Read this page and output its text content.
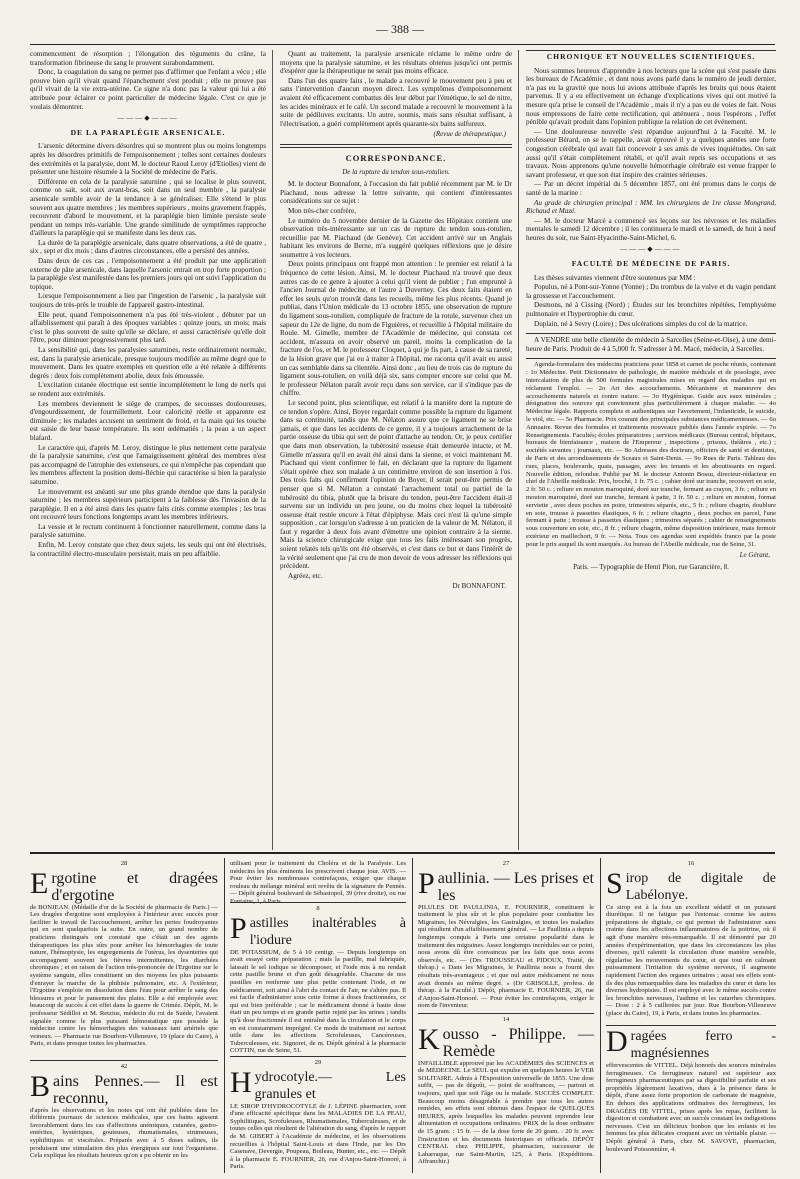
— 388 —

commencement de résorption ; l'élongation des téguments du crâne, la transformation fibrineuse du sang le prouvent surabondamment.

Donc, la coagulation du sang ne permet pas d'affirmer que l'enfant a vécu ; elle prouve bien qu'il vivait quand l'épanchement s'est produit ; elle ne prouve pas qu'il vivait de la vie extra-utérine. Ce signe n'a donc pas la valeur qui lui a été attribuée pour éclairer ce point particulier de médecine légale. C'est ce que je voulais démontrer.

———◆———
DE LA PARAPLÉGIE ARSENICALE.

L'arsenic détermine divers désordres qui se montrent plus ou moins longtemps après les désordres primitifs de l'empoisonnement ; telles sont certaines douleurs des extrémités et la paralysie, dont M. le docteur Raoul Leroy (d'Etiolles) vient de présenter une histoire résumée à la Société de médecine de Paris.

Différente en cela de la paralysie saturnine , qui se localise le plus souvent, comme on sait, soit aux avant-bras, soit dans un seul membre , la paralysie arsenicale semble avoir de la tendance à se généraliser. Elle s'étend le plus souvent aux quatre membres ; les membres supérieurs , moins gravement frappés, recouvrent d'abord le mouvement, et la paraplégie bien limitée persiste seule pendant un temps très-variable. Une grande similitude de symptômes rapproche d'ailleurs la paraplégie qui se manifeste dans les deux cas.

La durée de la paraplégie arsenicale, dans quatre observations, a été de quatre , six , sept et dix mois ; dans d'autres circonstances, elle a persisté des années.

Dans deux de ces cas , l'empoisonnement a été produit par une application externe de pâte arsenicale, dans laquelle l'arsenic entrait en trop forte proportion ; la paraplégie s'est manifestée dans les premiers jours qui ont suivi l'application du topique.

Lorsque l'empoisonnement a lieu par l'ingestion de l'arsenic , la paralysie suit toujours de très-près le trouble de l'appareil gastro-intestinal.

Elle peut, quand l'empoisonnement n'a pas été très-violent , débuter par un affaiblissement qui paraît à des époques variables : quinze jours, un mois; mais c'est le plus souvent de suite qu'elle se déclare, et aussi caractérisée qu'elle doit l'être, pour diminuer progressivement plus tard.

La sensibilité qui, dans les paralysies saturnines, reste ordinairement normale, est, dans la paralysie arsenicale, presque toujours modifiée au même degré que le mouvement. Dans les quatre exemples en question elle a été relatée à différents degrés : deux fois complètement abolie, deux fois émoussée.

L'excitation cutanée électrique est sentie incomplètement le long de nerfs qui se rendent aux extrémités.

Les membres deviennent le siége de crampes, de secousses douloureuses, d'engourdissement, de fourmillement. Leur caloricité réelle et apparente est diminuée ; les malades accusent un sentiment de froid, et la main qui les touche est saisie de leur basse température. Ils sont œdématiés ; la peau a un aspect blafard.

Le caractère qui, d'après M. Leroy, distingue le plus nettement cette paralysie de la paralysie saturnine, c'est que l'amaigrissement général des membres n'est pas accompagné de l'atrophie des extenseurs, ce qui n'empêche pas cependant que les membres affectent la position demi-fléchie qui caractérise si bien la paralysie saturnine.

Le mouvement est anéanti sur une plus grande étendue que dans la paralysie saturnine ; les membres supérieurs participent à la faiblesse dès l'invasion de la paraplégie. Il en a été ainsi dans les quatre faits cités comme exemples ; les bras ont recouvré leurs fonctions longtemps avant les membres inférieurs.

La vessie et le rectum continuent à fonctionner naturellement, comme dans la paralysie saturnine.

Enfin, M. Leroy constate que chez deux sujets, les seuls qui ont été électrisés, la contractilité électro-musculaire persistait, mais un peu affaiblie.

Quant au traitement, la paralysie arsenicale réclame le même ordre de moyens que la paralysie saturnine, et les résultats obtenus jusqu'ici ont permis d'espérer que la thérapeutique ne serait pas moins efficace.

Dans l'un des quatre faits , le malade a recouvré le mouvement peu à peu et sans l'intervention d'aucun moyen direct. Les symptômes d'empoisonnement avaient été efficacement combattus dès leur début par l'émétique, le sel de nitre, les acides minéraux et le café. Un second malade a recouvré le mouvement à la suite de pédiluves excitants. Un autre, soumis, mais sans résultat suffisant, à l'électrisation, a guéri complètement après quarante-six bains sulfureux.

(Revue de thérapeutique.)
CORRESPONDANCE.
De la rupture du tendon sous-rotulien.

M. le docteur Bonnafont, à l'occasion du fait publié récemment par M. le Dr Piachaud, nous adresse la lettre suivante, qui contient d'intéressantes considérations sur ce sujet :

Mon très-cher confrère,

Le numéro du 5 novembre dernier de la Gazette des Hôpitaux contient une observation très-intéressante sur un cas de rupture du tendon sous-rotulien, recueillie par M. Piachaud (de Genève). Cet accident arrivé sur un Anglais habitant les environs de Berne, m'a suggéré quelques réflexions que je désire soumettre à vos lecteurs.

Deux points principaux ont frappé mon attention : le premier est relatif à la fréquence de cette lésion. Ainsi, M. le docteur Piachaud n'a trouvé que deux autres cas de ce genre à ajouter à celui qu'il vient de publier ; l'un emprunté à l'ancien Journal de médecine, et l'autre à Duverney. Ces deux faits étaient en effet les seuls qu'on trouvât dans les recueils, même les plus récents. Quand je publiai, dans l'Union médicale du 13 octobre 1855, une observation de rupture du ligament sous-rotulien, compliquée de fracture de la rotule, survenue chez un sapeur du 12e de ligne, du nom de Figuières, et recueillie à l'hôpital militaire du Roule. M. Gimelle, membre de l'Académie de médecine, qui constata cet accident, m'assura en avoir observé un pareil, moins la complication de la fracture de l'os, et M. le professeur Cloquet, à qui je fis part, à cause de sa rareté, de la lésion grave que j'ai eu à traiter à l'hôpital, me raconta qu'il avait eu aussi un cas semblable dans sa clientèle. Ainsi donc , au lieu de trois cas de rupture du ligament sous-rotulien, en voilà déjà six, sans compter encore sur celui que M. le professeur Nélaton paraît avoir reçu dans son service, car il s'indique pas de chiffre.

Le second point, plus scientifique, est relatif à la manière dont la rupture de ce tendon s'opère. Ainsi, Boyer regardait comme possible la rupture du ligament dans sa continuité, tandis que M. Nélaton assure que ce ligament ne se brise jamais, et que dans les accidents de ce genre, il y a toujours arrachement de la partie osseuse du tibia qui sert de point d'attache au tendon. Or, je peux certifier que dans mon observation, la tubérosité osseuse était demeurée intacte, et M. Gimelle m'assura qu'il en avait été ainsi dans la sienne, et voici maintenant M. Piachaud qui vient confirmer le fait, en déclarant que la rupture du ligament s'était opérée chez son malade à un centimètre environ de son insertion à l'os. Des trois faits qui confirment l'opinion de Boyer, il serait peut-être permis de penser que si M. Nélaton a constaté l'arrachement total ou partiel de la tubérosité du tibia, plutôt que la brisure du tendon, peut-être l'accident était-il survenu sur un individu un peu jeune, ou du moins chez lequel la tubérosité osseuse était restée encore à l'état d'épiphyse. Mais ceci n'est là qu'une simple supposition , car lorsqu'on s'adresse à un praticien de la valeur de M. Nélaton, il faut y regarder à deux fois avant d'émettre une opinion contraire à la sienne. Mais la science chirurgicale exige que tous les faits intéressant son progrès, soient relatés tels qu'ils ont été observés, et c'est dans ce but et dans l'intérêt de la vérité seulement que j'ai cru de mon devoir de vous adresser les réflexions qui précèdent.

Agréez, etc.

Dr BONNAFONT.
CHRONIQUE ET NOUVELLES SCIENTIFIQUES.

Nous sommes heureux d'apprendre à nos lecteurs que la scène qui s'est passée dans les bureaux de l'Académie , et dont nous avons parlé dans le numéro de jeudi dernier, n'a pas eu la gravité que nous lui avions attribuée d'après les bruits qui nous étaient parvenus. Il y a eu effectivement un échange d'explications vives qui ont motivé la mesure qu'a prise le conseil de l'Académie , mais il n'y a pas eu de voies de fait. Nous nous empressons de faire cette rectification, qui atténuera , nous l'espérons , l'effet pénible qu'avait produit dans l'opinion publique la relation de cet événement.

— Une douloureuse nouvelle s'est répandue aujourd'hui à la Faculté. M. le professeur Bérard, on se le rappelle, avait éprouvé il y a quelques années une forte congestion cérébrale qui avait fait concevoir à ses amis de vives inquiétudes. On sait aussi qu'il s'était complètement rétabli, et qu'il avait repris ses occupations et ses travaux. Nous apprenons qu'une nouvelle hémorrhagie cérébrale est venue frapper le savant professeur, et que son état inspire des craintes sérieuses.

— Par un décret impérial du 5 décembre 1857, ont été promus dans le corps de santé de la marine :

Au grade de chirurgien principal : MM. les chirurgiens de 1re classe Mongrand, Richaud et Mazé.

— M. le docteur Marcé a commencé ses leçons sur les névroses et les maladies mentales le samedi 12 décembre ; il les continuera le mardi et le samedi, de huit à neuf heures du soir, rue Saint-Hyacinthe-Saint-Michel, 6.

———◆———
FACULTÉ DE MÉDECINE DE PARIS.

Les thèses suivantes viennent d'être soutenues par MM :

Populus, né à Pont-sur-Yonne (Yonne) ; Du trombus de la vulve et du vagin pendant la grossesse et l'accouchement.

Desmons, né à Cissing (Nord) ; Études sur les bronchites répétées, l'emphysème pulmonaire et l'hypertrophie du cœur.

Duplain, né à Sevry (Loire) ; Des ulcérations simples du col de la matrice.

A VENDRE une belle clientèle de médecin à Sarcelles (Seine-et-Oise), à une demi-heure de Paris. Produit de 4 à 5,000 fr. S'adresser à M. Macé, médecin, à Sarcelles.

Agenda-formulaire des médecins praticiens pour 1858 et carnet de poche réunis, contenant : 1o Médecine. Petit Dictionnaire de pathologie, de matière médicale et de posologie, avec intercalation de plus de 500 formules magistrales mises en regard des maladies qui en réclament l'emploi. — 2o Art des accouchements. Mécanisme et manœuvre des accouchements naturels et contre nature. — 3o Hygiénique. Guide aux eaux minérales ; désignation des sources qui conviennent plus particulièrement à chaque maladie. — 4o Médecine légale. Rapports complets et authentiques sur l'avortement, l'infanticide, le suicide, le viol, etc. — 5o Pharmacie. Prix courant des principales substances médicamenteuses. — 6o Annuaire. Revue des formules et traitements nouveaux publiés dans l'année expirée. — 7o Renseignements. Facultés; écoles préparatoires ; services médicaux (Bureau central, hôpitaux, bureaux de bienfaisance , maison de l'Empereur , inspections , prisons, théâtres , etc.) ; sociétés savantes ; journaux, etc. — 8o Adresses des docteurs, officiers de santé et dentistes, de Paris et des arrondissements de Sceaux et Saint-Denis. — 9o Rues de Paris. Tableau des rues, places, boulevards, quais, passages, avec les tenants et les aboutissants en regard. Nouvelle édition, refondue. Publié par M. le docteur Antonin Bossu, directeur-rédacteur en chef de l'Abeille médicale. Prix, broché, 1 fr. 75 c. ; cahier doré sur tranche, recouvert en soie, 2 fr. 50 c. ; reliure en mouton maroquiné, doré sur tranche, fermant au crayon, 3 fr. ; reliure en mouton maroquiné, doré sur tranche, fermant à patte, 3 fr. 50 c. ; reliure en mouton, format serviette , avec deux poches en poire, trimestres séparés, etc., 5 fr. ; reliure chagrin, doublure en soie, trousse à passettes élastiques, 6 fr. ; reliure chagrin , deux poches en parcel, l'une fermant à patte ; trousse à passettes élastiques ; trimestres séparés ; cahier de renseignements sous couverture en soie, etc., 8 fr. ; reliure chagrin, même disposition intérieure, mais fermoir extérieur en maillechort, 9 fr. — Nota. Tous ces agendas sont expédiés franco par la poste pour le prix auquel ils sont marqués. Au bureau de l'Abeille médicale, rue de Seine, 31.

Le Gérant,
Paris. — Typographie de Henri Plon, rue Garancière, 8.
28
E rgotine et dragées d'ergotine

de BONJEAN. (Médaille d'or de la Société de pharmacie de Paris.) — Les dragées d'ergotine sont employées à l'intérieur avec succès pour faciliter le travail de l'accouchement, arrêter les pertes foudroyantes qui en sont quelquefois la suite. En outre, un grand nombre de praticiens distingués ont constaté que c'était un des agents thérapeutiques les plus sûrs pour arrêter les hémorrhagies de toute nature, l'hémoptysie, les engorgements de l'utérus, les dysenteries qui accompagnent souvent les fièvres intermittentes, les diarrhées chroniques ; et en raison de l'action très-prononcée de l'Ergotine sur le système sanguin, elles constituent un des moyens les plus puissants d'enrayer la marche de la phthisie pulmonaire, etc. A l'extérieur, l'Ergotine s'emploie en dissolution dans l'eau pour arrêter le sang des blessures et pour le pansement des plaies. Elle a été employée avec beaucoup de succès à cet effet dans la guerre de Crimée. Dépôt, M. le professeur Sédillot et M. Retzius, médecin du roi de Suède, l'avaient signalée comme le plus puissant hémostatique que possède la médecine contre les hémorrhagies des vaisseaux tant artériels que veineux. — Pharmacie rue Bourbon-Villeneuve, 19 (place du Caire), à Paris, et dans presque toutes les pharmacies.

42
B ains Pennes.— Il est reconnu,

d'après les observations et les notes qui ont été publiées dans les différents journaux de sciences médicales, que ces bains agissent favorablement dans les cas d'affections anémiques, cutanées, gastro-entérites, hystériques, gouteuses, rhumatismales, strumeuses, syphilitiques et viscérales. Préparés avec à 5 doses salines, ils produisent une stimulation des plus énergiques sur tout l'organisme. Cela explique les résultats heureux qu'on a pu obtenir en les

utilisant pour le traitement du Choléra et de la Paralysie. Les médecins les plus éminents les prescrivent chaque jour. AVIS. — Pour éviter les nombreuses contrefaçons, exiger que chaque rouleau du mélange minéral soit revêtu de la signature de Pennès. — Dépôt général boulevard de Sébastopol, 39 (rive droite), ou rue Fontaine, 1, à Paris.

8
P astilles inaltérables à l'iodure

DE POTASSIUM, de 5 à 10 centigr. — Depuis longtemps on avait essayé cette préparation ; mais la pastille, mal fabriquée, laissait le sel iodique se décomposer, et l'iode mis à nu rendait cette pastille brune et d'un goût désagréable. Chacune de nos pastilles en renferme une plus petite contenant l'iode, et ne médicament, soit ainsi à l'abri du contact de l'air, ne s'altère pas. Il est facile d'administrer sous cette forme à doses fractionnées, ce qui est bien préférable ; car le médicament donné à haute dose était un peu temps et en grande partie rejeté par les urines ; tandis qu'à dose fractionnée il est entraîné dans la circulation et le corps en est constamment imprégné. Ce mode de traitement est surtout utile dans les affections Scrofuleuses, Cancéreuses, Tuberculeuses, etc. Signoret, de m. Dépôt général à la pharmacie COTTIN, rue de Seine, 51.

29
H ydrocotyle.— Les granules et

LE SIROP D'HYDROCOTYLE de J. LÉPINE pharmacien, sont d'une efficacité spécifique dans les MALADIES DE LA PEAU, Syphilitiques, Scrofuleuses, Rhumatismales, Tuberculeuses, et de toutes celles qui résultent de l'altération du sang, d'après le rapport de M. GIBERT à l'Académie de médecine, et les observations recueillies à l'hôpital Saint-Louis et dans l'Inde, par les Drs Casenave, Devergie, Poupeau, Boileau, Hunter, etc., etc. — Dépôt à la pharmacie E. FOURNIER, 26, rue d'Anjou-Saint-Honoré, à Paris.

27
P aullinia. — Les prises et les

PILULES DE PAULLINIA, E. FOURNIER, constituent le traitement le plus sûr et le plus populaire pour combattre les Migraines, les Névralgies, les Gastralgies, et toutes les maladies qui résultent d'un affaiblissement général. — Le Paullinia a depuis longtemps conquis à Paris une certaine popularité dans le traitement des migraines. Assez longtemps incrédules sur ce point, nous avons dû être convaincus par les faits que nous avons observés, etc. — (Drs TROUSSEAU et PIDOUX, Traité, de thérap.) « Dans les Migraines, le Paullinia nous a fourni des résultats très-avantageux ; et que nul autre médicament ne nous avait donnés au même degré. » (Dr GRISOLLE, profess. de thérap. à la Faculté.) Dépôt, pharmacie E. FOURNIER, 26, rue d'Anjou-Saint-Honoré. — Pour éviter les contrefaçons, exiger le nom de l'inventeur.

14
K ousso - Philippe. — Remède

INFAILLIBLE approuvé par les ACADÉMIES des SCIENCES et de MÉDECINE. Le SEUL qui expulse en quelques heures le VER SOLITAIRE. Admis à l'Exposition universelle de 1855. Une dose suffit, — pas de dégoût, — point de souffrances, — partout et toujours, quel que soit l'âge ou le malade. SUCCÈS COMPLET. Beaucoup moins désagréable à prendre que tous les autres remèdes, ses effets sont obtenus dans l'espace de QUELQUES HEURES, après lesquelles les malades peuvent reprendre leur alimentation et occupations ordinaires. PRIX de la dose ordinaire de 15 gram. : 15 fr. — de la dose forte de 20 gram. : 20 fr. avec l'instruction et les documents historiques et officiels. DÉPÔT CENTRAL chez PHILIPPE, pharmacien, successeur de Labarraque, rue Saint-Martin, 125, à Paris. (Expéditions. Affranchir.)

16
S irop de digitale de Labélonye.

Ce sirop est à la fois un excellent sédatif et un puissant diurétique. Il ne fatigue pas l'estomac comme les autres préparations de digitale, ce qui permet de l'administrer sans crainte dans les affections inflammatoires de la poitrine, où il agit d'une manière très-remarquable. Il est démontré par 20 années d'expérimentation, que dans les circonstances les plus diverses, qu'il ralentit la circulation d'une manière sensible, régularise les mouvements du cœur, et que tout en calmant puissamment l'irritation du système nerveux, il augmente rapidement l'action des organes urinaires ; aussi ses effets sont-ils des plus remarquables dans les maladies du cœur et dans les diverses hydropisies. Il est employé avec le même succès contre les bronchites nerveuses, l'asthme et les catarrhes chroniques. — Dose : 2 à 5 cuillerées par jour. Rue Bourbon-Villeneuve (place du Caire), 19, à Paris, et dans toutes les pharmacies.

D ragées ferro - magnésiennes

effervescentes de VITTEL. Déjà honorés des sources minérales ferrugineuses. Ce ferrugineux naturel est supérieur aux ferrugineux pharmaceutiques par sa digestibilité parfaite et ses propriétés légèrement laxatives, dues à la présence dans le dépôt, d'une assez forte proportion de carbonate de magnésie, En dehors des applications ordinaires des ferrugineux, les DRAGÉES DE VITTEL, prises après les repas, facilitent la digestion et combattent avec un succès constant les indigestions nerveuses. C'est un délicieux bonbon que les enfants et les femmes les plus délicates croquent avec un véritable plaisir. — Dépôt général à Paris, chez M. SAVOYE, pharmacien, boulevard Poissonnière, 4.
